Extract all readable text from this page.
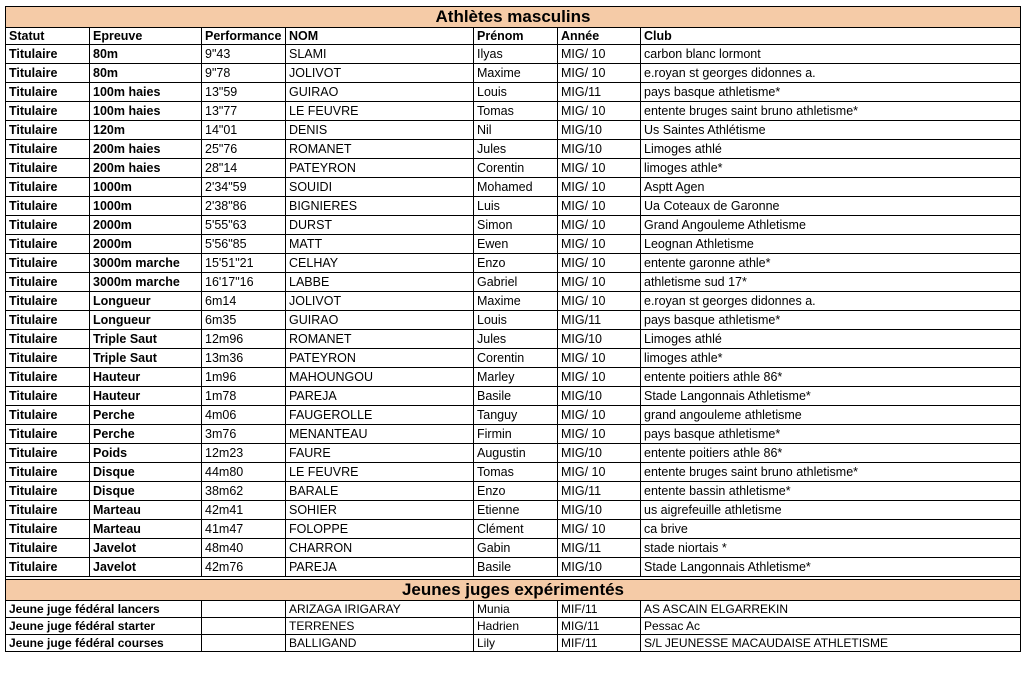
Athlètes masculins						
Statut	Epreuve	Performance	NOM	Prénom	Année	Club
Titulaire	80m	9"43	SLAMI	Ilyas	MIG/ 10	carbon blanc lormont
Titulaire	80m	9"78	JOLIVOT	Maxime	MIG/ 10	e.royan st georges didonnes a.
Titulaire	100m haies	13"59	GUIRAO	Louis	MIG/11	pays basque athletisme*
Titulaire	100m haies	13"77	LE FEUVRE	Tomas	MIG/ 10	entente bruges saint bruno athletisme*
Titulaire	120m	14"01	DENIS	Nil	MIG/10	Us Saintes Athlétisme
Titulaire	200m haies	25"76	ROMANET	Jules	MIG/10	Limoges athlé
Titulaire	200m haies	28"14	PATEYRON	Corentin	MIG/ 10	limoges athle*
Titulaire	1000m	2'34"59	SOUIDI	Mohamed	MIG/ 10	Asptt Agen
Titulaire	1000m	2'38"86	BIGNIERES	Luis	MIG/ 10	Ua Coteaux de Garonne
Titulaire	2000m	5'55"63	DURST	Simon	MIG/ 10	Grand Angouleme Athletisme
Titulaire	2000m	5'56"85	MATT	Ewen	MIG/ 10	Leognan Athletisme
Titulaire	3000m marche	15'51"21	CELHAY	Enzo	MIG/ 10	entente garonne athle*
Titulaire	3000m marche	16'17"16	LABBE	Gabriel	MIG/ 10	athletisme sud 17*
Titulaire	Longueur	6m14	JOLIVOT	Maxime	MIG/ 10	e.royan st georges didonnes a.
Titulaire	Longueur	6m35	GUIRAO	Louis	MIG/11	pays basque athletisme*
Titulaire	Triple Saut	12m96	ROMANET	Jules	MIG/10	Limoges athlé
Titulaire	Triple Saut	13m36	PATEYRON	Corentin	MIG/ 10	limoges athle*
Titulaire	Hauteur	1m96	MAHOUNGOU	Marley	MIG/ 10	entente poitiers athle 86*
Titulaire	Hauteur	1m78	PAREJA	Basile	MIG/10	Stade Langonnais Athletisme*
Titulaire	Perche	4m06	FAUGEROLLE	Tanguy	MIG/ 10	grand angouleme athletisme
Titulaire	Perche	3m76	MENANTEAU	Firmin	MIG/ 10	pays basque athletisme*
Titulaire	Poids	12m23	FAURE	Augustin	MIG/10	entente poitiers athle 86*
Titulaire	Disque	44m80	LE FEUVRE	Tomas	MIG/ 10	entente bruges saint bruno athletisme*
Titulaire	Disque	38m62	BARALE	Enzo	MIG/11	entente bassin athletisme*
Titulaire	Marteau	42m41	SOHIER	Etienne	MIG/10	us aigrefeuille athletisme
Titulaire	Marteau	41m47	FOLOPPE	Clément	MIG/ 10	ca brive
Titulaire	Javelot	48m40	CHARRON	Gabin	MIG/11	stade niortais *
Titulaire	Javelot	42m76	PAREJA	Basile	MIG/10	Stade Langonnais Athletisme*

Jeunes juges expérimentés						
Jeune juge fédéral lancers			ARIZAGA IRIGARAY	Munia	MIF/11	AS ASCAIN ELGARREKIN
Jeune juge fédéral starter			TERRENES	Hadrien	MIG/11	Pessac Ac
Jeune juge fédéral courses			BALLIGAND	Lily	MIF/11	S/L JEUNESSE MACAUDAISE ATHLETISME
